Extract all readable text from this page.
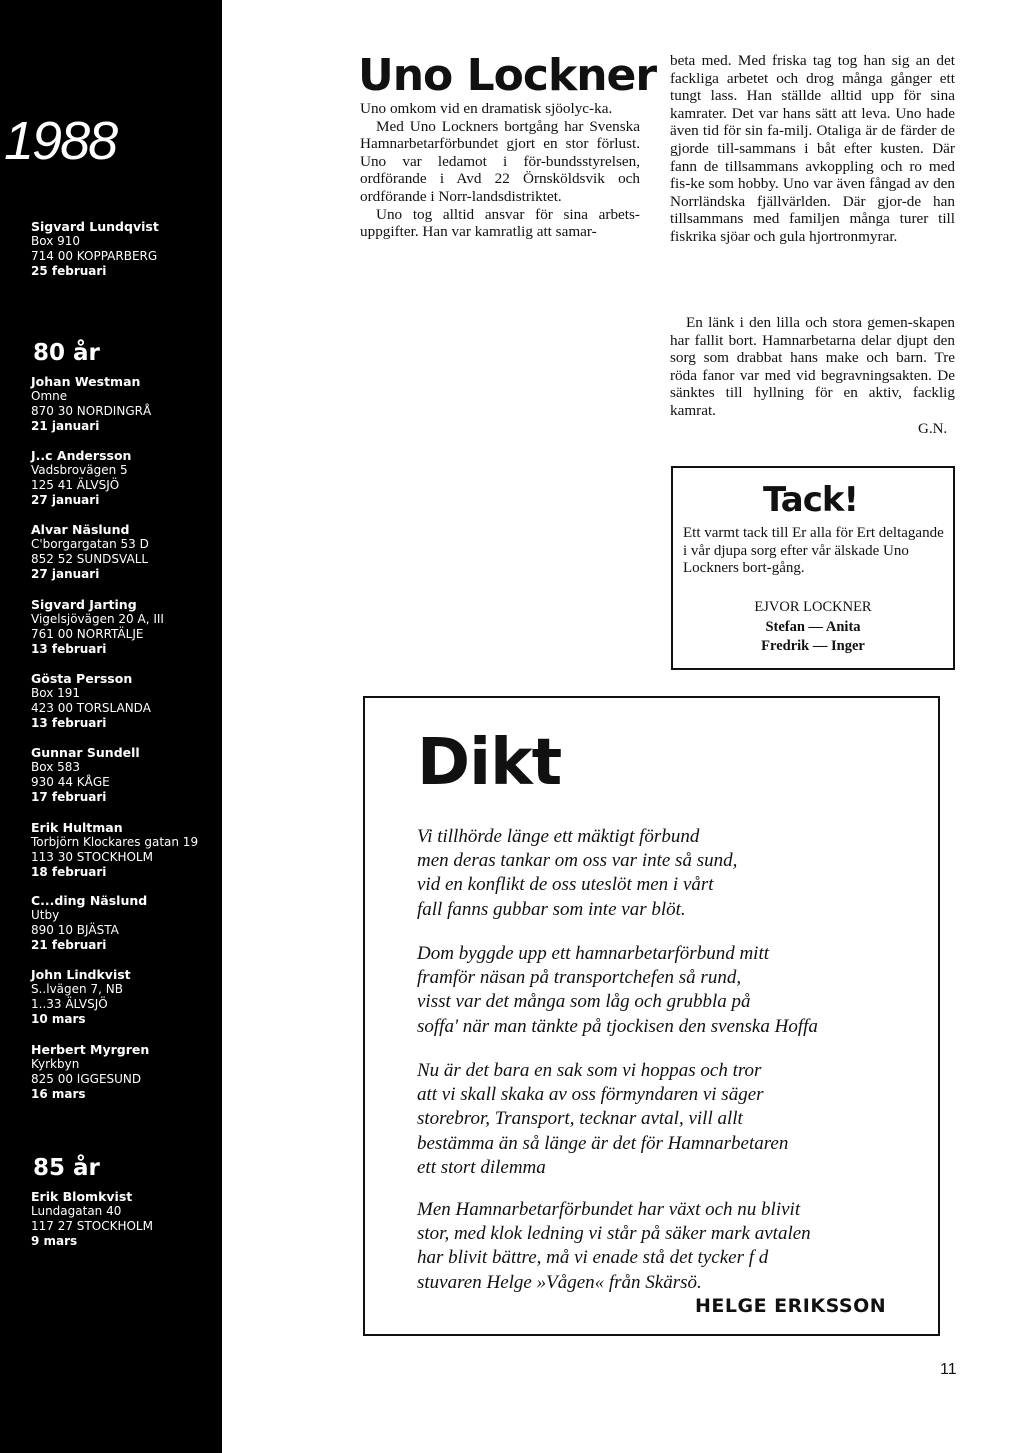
1988
Sigvard Lundqvist
Box 910
714 00 KOPPARBERG
25 februari
80 år
Johan Westman
Omne
870 30 NORDINGRÅ
21 januari
J..c Andersson
Vadsbrovägen 5
125 41 ÄLVSJÖ
27 januari
Alvar Näslund
C'borgargatan 53 D
852 52 SUNDSVALL
27 januari
Sigvard Jarting
Vigelsjövägen 20 A, III
761 00 NORRTÄLJE
13 februari
Gösta Persson
Box 191
423 00 TORSLANDA
13 februari
Gunnar Sundell
Box 583
930 44 KÅGE
17 februari
Erik Hultman
Torbjörn Klockares gatan 19
113 30 STOCKHOLM
18 februari
C...ding Näslund
Utby
890 10 BJÄSTA
21 februari
John Lindkvist
S..lvägen 7, NB
1..33 ÄLVSJÖ
10 mars
Herbert Myrgren
Kyrkbyn
825 00 IGGESUND
16 mars
85 år
Erik Blomkvist
Lundagatan 40
117 27 STOCKHOLM
9 mars
Uno Lockner

Uno omkom vid en dramatisk sjöolyc-ka.

Med Uno Lockners bortgång har Svenska Hamnarbetarförbundet gjort en stor förlust. Uno var ledamot i för-bundsstyrelsen, ordförande i Avd 22 Örnsköldsvik och ordförande i Norr-landsdistriktet.

Uno tog alltid ansvar för sina arbets-uppgifter. Han var kamratlig att samar-

beta med. Med friska tag tog han sig an det fackliga arbetet och drog många gånger ett tungt lass. Han ställde alltid upp för sina kamrater. Det var hans sätt att leva. Uno hade även tid för sin fa-milj. Otaliga är de färder de gjorde till-sammans i båt efter kusten. Där fann de tillsammans avkoppling och ro med fis-ke som hobby. Uno var även fångad av den Norrländska fjällvärlden. Där gjor-de han tillsammans med familjen många turer till fiskrika sjöar och gula hjortronmyrar.

En länk i den lilla och stora gemen-skapen har fallit bort. Hamnarbetarna delar djupt den sorg som drabbat hans make och barn. Tre röda fanor var med vid begravningsakten. De sänktes till hyllning för en aktiv, facklig kamrat.

G.N.
Tack!
Ett varmt tack till Er alla för Ert deltagande i vår djupa sorg efter vår älskade Uno Lockners bort-gång.
EJVOR LOCKNER
Stefan — Anita
Fredrik — Inger
Dikt
Vi tillhörde länge ett mäktigt förbund
men deras tankar om oss var inte så sund,
vid en konflikt de oss uteslöt men i vårt
fall fanns gubbar som inte var blöt.
Dom byggde upp ett hamnarbetarförbund mitt
framför näsan på transportchefen så rund,
visst var det många som låg och grubbla på
soffa' när man tänkte på tjockisen den svenska Hoffa
Nu är det bara en sak som vi hoppas och tror
att vi skall skaka av oss förmyndaren vi säger
storebror, Transport, tecknar avtal, vill allt
bestämma än så länge är det för Hamnarbetaren
ett stort dilemma
Men Hamnarbetarförbundet har växt och nu blivit
stor, med klok ledning vi står på säker mark avtalen
har blivit bättre, må vi enade stå det tycker f d
stuvaren Helge »Vågen« från Skärsö.
HELGE ERIKSSON
11
